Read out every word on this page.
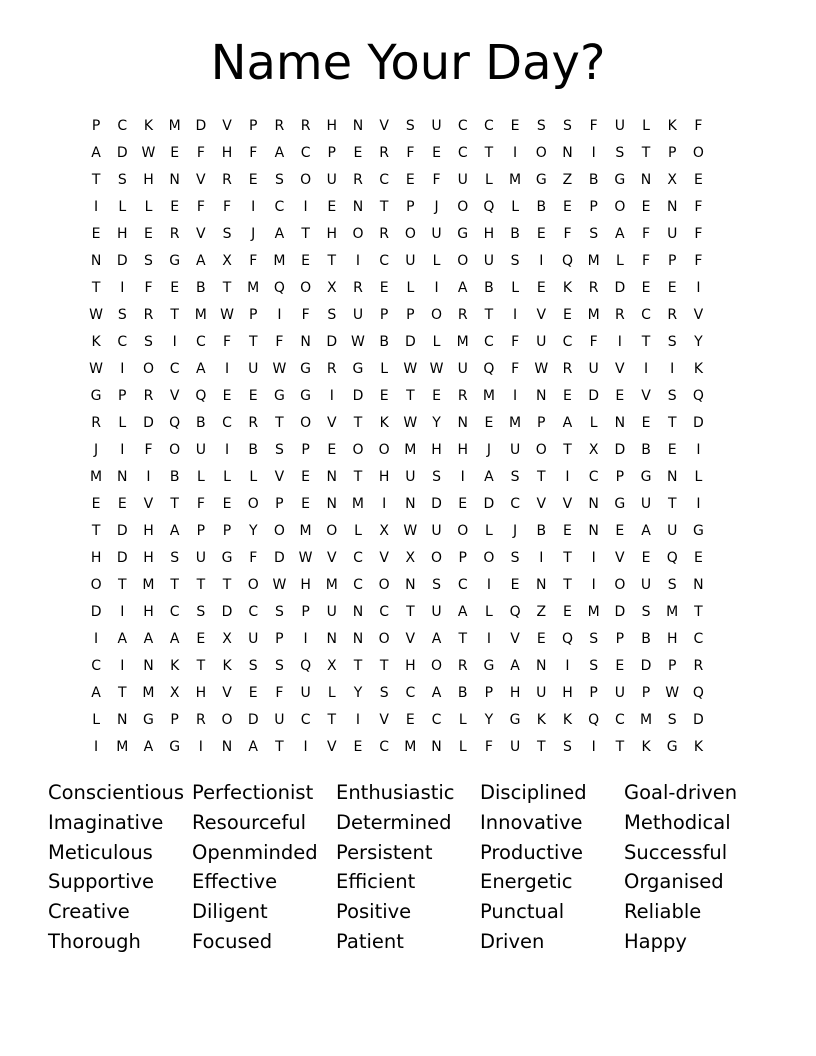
Name Your Day?
P	C	K	M	D	V	P	R	R	H	N	V	S	U	C	C	E	S	S	F	U	L	K	F
A	D W	E	F	H	F	A	C	P	E	R	F	E	C	T	I	O	N	I	S	T	P	O
T	S	H	N	V	R	E	S	O	U	R	C	E	F	U	L	M	G	Z	B	G	N	X	E
I	L	L	E	F	F	I	C	I	E	N	T	P	J	O	Q	L	B	E	P	O	E	N	F
E	H	E	R	V	S	J	A	T	H	O	R	O	U	G	H	B	E	F	S	A	F	U	F
N	D	S	G	A	X	F	M	E	T	I	C	U	L	O	U	S	I	Q	M	L	F	P	F
T	I	F	E	B	T	M	Q	O	X	R	E	L	I	A	B	L	E	K	R	D	E	E	I
W	S	R	T	M W	P	I	F	S	U	P	P	O	R	T	I	V	E	M	R	C	R	V
K	C	S	I	C	F	T	F	N	D W	B	D	L	M	C	F	U	C	F	I	T	S	Y
W	I	O	C	A	I	U	W G	R	G	L	W W	U	Q	F	W	R	U	V	I	I	K
G	P	R	V	Q	E	E	G	G	I	D	E	T	E	R	M	I	N	E	D	E	V	S	Q
R	L	D	Q	B	C	R	T	O	V	T	K	W	Y	N	E	M	P	A	L	N	E	T	D
J	I	F	O	U	I	B	S	P	E	O	O	M	H	H	J	U	O	T	X	D	B	E	I
M	N	I	B	L	L	L	V	E	N	T	H	U	S	I	A	S	T	I	C	P	G	N	L
E	E	V	T	F	E	O	P	E	N	M	I	N	D	E	D	C	V	V	N	G	U	T	I
T	D	H	A	P	P	Y	O	M	O	L	X	W	U	O	L	J	B	E	N	E	A	U	G
H	D	H	S	U	G	F	D W	V	C	V	X	O	P	O	S	I	T	I	V	E	Q	E
O	T	M	T	T	T	O W	H	M	C	O	N	S	C	I	E	N	T	I	O	U	S	N
D	I	H	C	S	D	C	S	P	U	N	C	T	U	A	L	Q	Z	E	M	D	S	M	T
I	A	A	A	E	X	U	P	I	N	N	O	V	A	T	I	V	E	Q	S	P	B	H	C
C	I	N	K	T	K	S	S	Q	X	T	T	H	O	R	G	A	N	I	S	E	D	P	R
A	T	M	X	H	V	E	F	U	L	Y	S	C	A	B	P	H	U	H	P	U	P	W Q
L	N	G	P	R	O	D	U	C	T	I	V	E	C	L	Y	G	K	K	Q	C	M	S	D
I	M	A	G	I	N	A	T	I	V	E	C	M	N	L	F	U	T	S	I	T	K	G	K
Conscientious Perfectionist	Enthusiastic	Disciplined	Goal-driven
Imaginative	Resourceful	Determined	Innovative	Methodical
Meticulous	Openminded Persistent	Productive	Successful
Supportive	Effective	Efficient	Energetic	Organised
Creative	Diligent	Positive	Punctual	Reliable
Thorough	Focused	Patient	Driven	Happy
